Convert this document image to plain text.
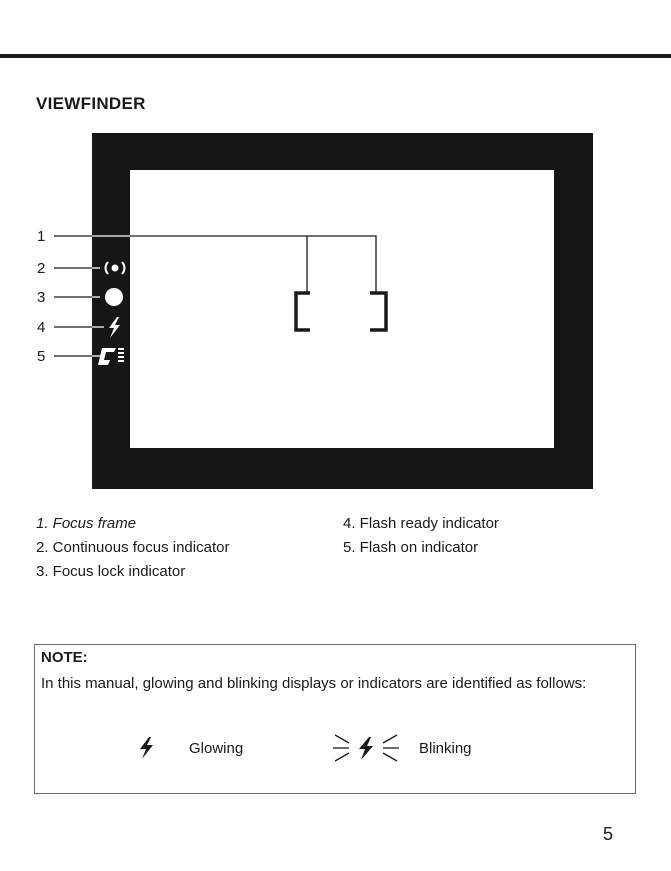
VIEWFINDER
1
2
3
4
5
1. Focus frame
2. Continuous focus indicator
3. Focus lock indicator
4. Flash ready indicator
5. Flash on indicator
NOTE:
In this manual, glowing and blinking displays or indicators are identified as follows:
Glowing	Blinking
5
